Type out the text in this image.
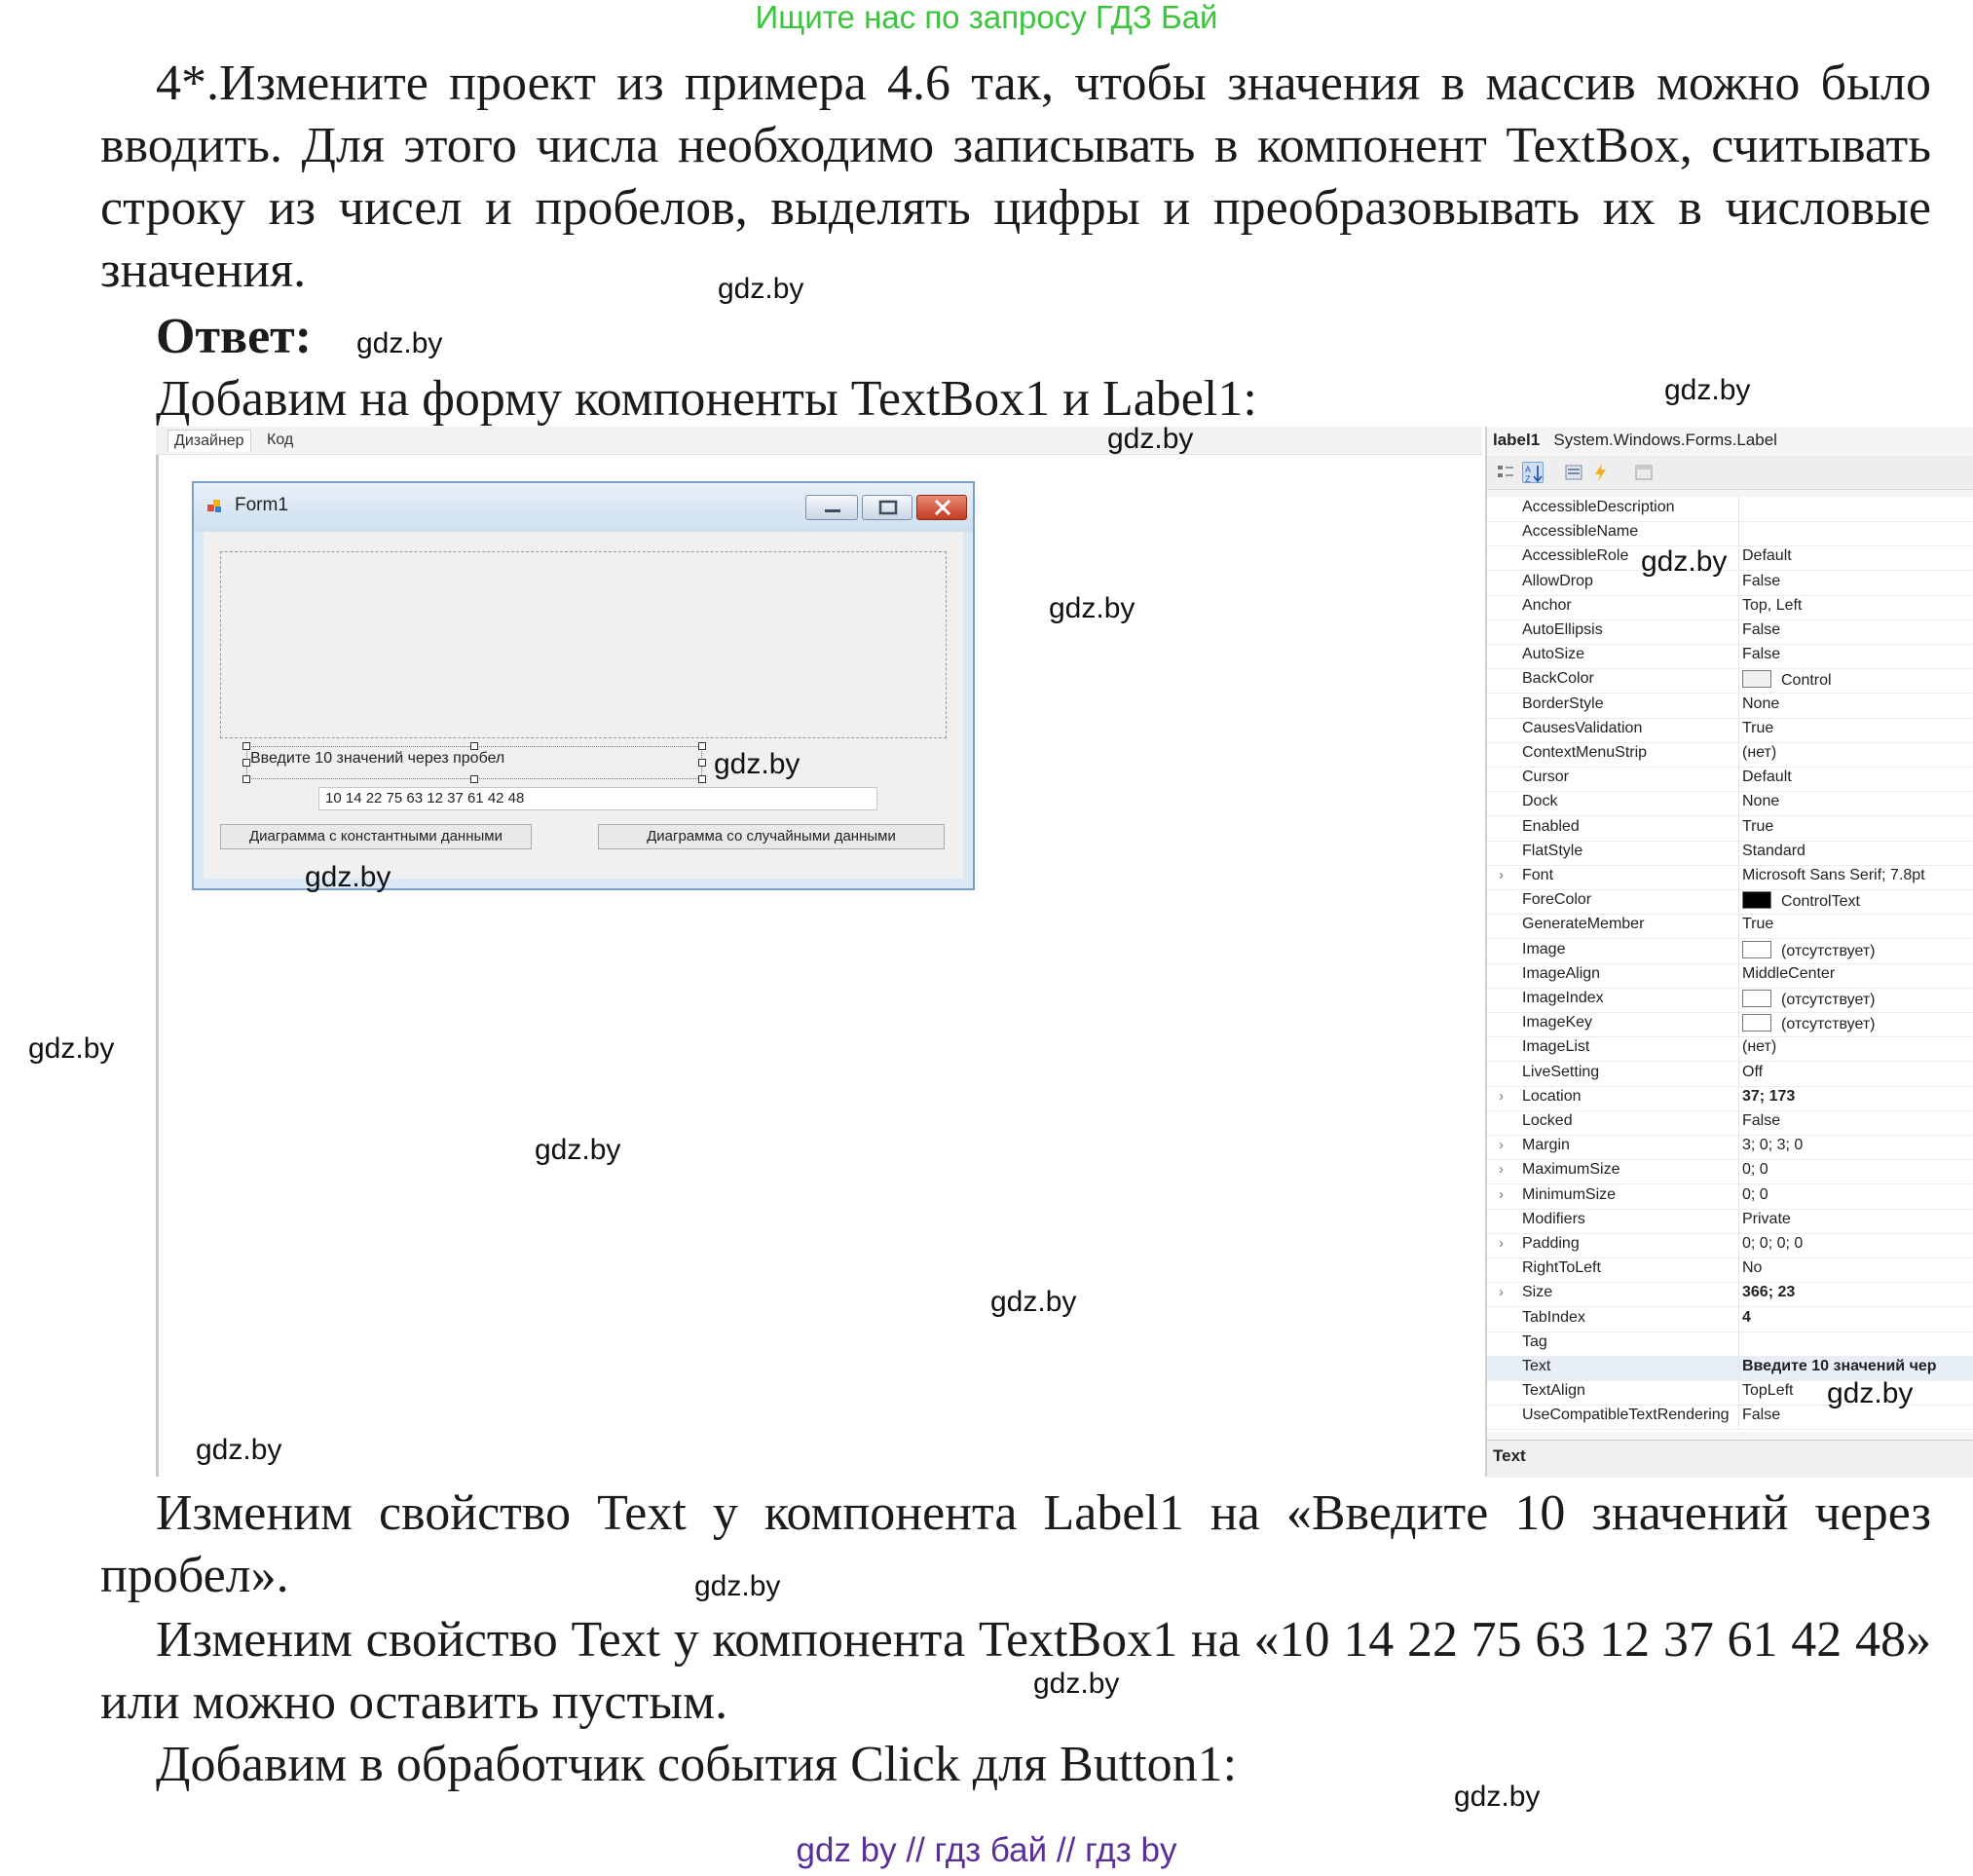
Ищите нас по запросу ГДЗ Бай
4*.Измените проект из примера 4.6 так, чтобы значения в массив можно было вводить. Для этого числа необходимо записывать в компонент TextBox, считывать строку из чисел и пробелов, выделять цифры и преобразовывать их в числовые значения.
Ответ:
Добавим на форму компоненты TextBox1 и Label1:
Дизайнер	Код
Form1
Введите 10 значений через пробел
10 14 22 75 63 12 37 61 42 48
Диаграмма с константными данными	Диаграмма со случайными данными
label1 System.Windows.Forms.Label
A
Z
AccessibleDescription
AccessibleName
AccessibleRole	Default
AllowDrop	False
Anchor	Top, Left
AutoEllipsis	False
AutoSize	False
BackColor	Control
BorderStyle	None
CausesValidation	True
ContextMenuStrip	(нет)
Cursor	Default
Dock	None
Enabled	True
FlatStyle	Standard
› Font	Microsoft Sans Serif; 7.8pt
ForeColor	ControlText
GenerateMember	True
Image	(отсутствует)
ImageAlign	MiddleCenter
ImageIndex	(отсутствует)
ImageKey	(отсутствует)
ImageList	(нет)
LiveSetting	Off
› Location	37; 173
Locked	False
› Margin	3; 0; 3; 0
› MaximumSize	0; 0
› MinimumSize	0; 0
Modifiers	Private
› Padding	0; 0; 0; 0
RightToLeft	No
› Size	366; 23
TabIndex	4
Tag
Text	Введите 10 значений чер
TextAlign	TopLeft
UseCompatibleTextRendering False
Text
Изменим свойство Text у компонента Label1 на «Введите 10 значений через пробел».
Изменим свойство Text у компонента TextBox1 на «10 14 22 75 63 12 37 61 42 48» или можно оставить пустым.
Добавим в обработчик события Click для Button1:
gdz.by
gdz.by
gdz.by
gdz.by
gdz.by
gdz.by
gdz.by
gdz.by
gdz.by
gdz.by
gdz.by
gdz.by
gdz.by
gdz.by
gdz.by
gdz.by
gdz by // гдз бай // гдз by
